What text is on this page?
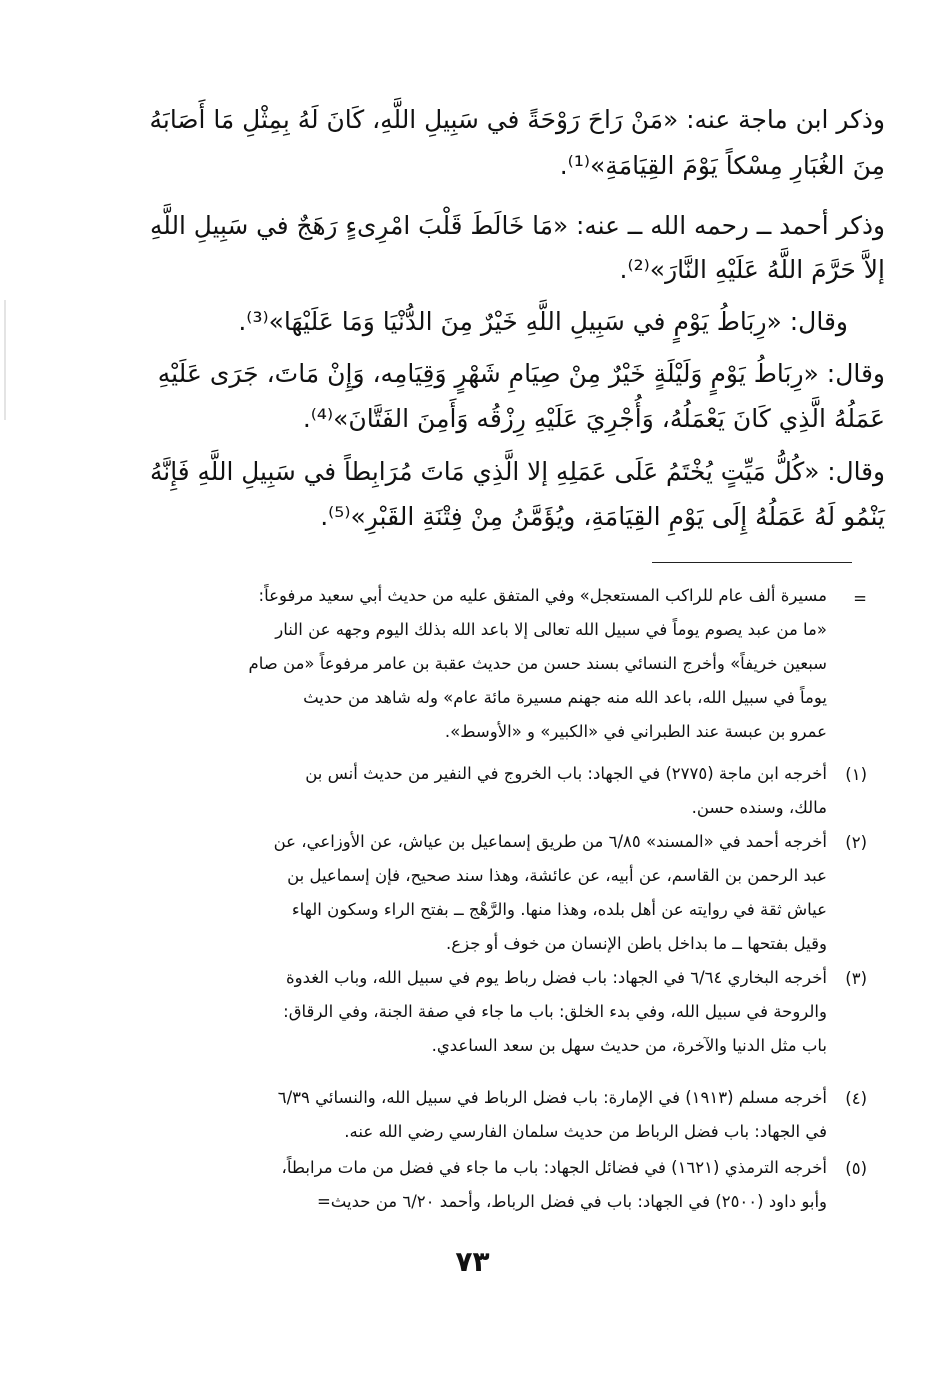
وذكر ابن ماجة عنه: «مَنْ رَاحَ رَوْحَةً في سَبِيلِ اللَّهِ، كَانَ لَهُ بِمِثْلِ مَا أَصَابَهُ
مِنَ الغُبَارِ مِسْكاً يَوْمَ القِيَامَةِ»⁽¹⁾.
وذكر أحمد ــ رحمه الله ــ عنه: «مَا خَالَطَ قَلْبَ امْرِىءٍ رَهَجٌ في سَبِيلِ اللَّهِ
إلاَّ حَرَّمَ اللَّهُ عَلَيْهِ النَّارَ»⁽²⁾.
وقال: «رِبَاطُ يَوْمٍ في سَبِيلِ اللَّهِ خَيْرٌ مِنَ الدُّنْيَا وَمَا عَلَيْهَا»⁽³⁾.
وقال: «رِبَاطُ يَوْمٍ وَلَيْلَةٍ خَيْرٌ مِنْ صِيَامِ شَهْرٍ وَقِيَامِه، وَإِنْ مَاتَ، جَرَى عَلَيْهِ
عَمَلُهُ الَّذِي كَانَ يَعْمَلُهُ، وَأُجْرِيَ عَلَيْهِ رِزْقُه وَأَمِنَ الفَتَّانَ»⁽⁴⁾.
وقال: «كُلُّ مَيِّتٍ يُخْتَمُ عَلَى عَمَلِهِ إلا الَّذِي مَاتَ مُرَابِطاً في سَبِيلِ اللَّهِ فَإِنَّهُ
يَنْمُو لَهُ عَمَلُهُ إِلَى يَوْمِ القِيَامَةِ، ويُؤَمَّنُ مِنْ فِتْنَةِ القَبْرِ»⁽⁵⁾.
=
مسيرة ألف عام للراكب المستعجل» وفي المتفق عليه من حديث أبي سعيد مرفوعاً:
«ما من عبد يصوم يوماً في سبيل الله تعالى إلا باعد الله بذلك اليوم وجهه عن النار
سبعين خريفاً» وأخرج النسائي بسند حسن من حديث عقبة بن عامر مرفوعاً «من صام
يوماً في سبيل الله، باعد الله منه جهنم مسيرة مائة عام» وله شاهد من حديث
عمرو بن عبسة عند الطبراني في «الكبير» و «الأوسط».
(١)
أخرجه ابن ماجة (٢٧٧٥) في الجهاد: باب الخروج في النفير من حديث أنس بن
مالك، وسنده حسن.
(٢)
أخرجه أحمد في «المسند» ٦/٨٥ من طريق إسماعيل بن عياش، عن الأوزاعي، عن
عبد الرحمن بن القاسم، عن أبيه، عن عائشة، وهذا سند صحيح، فإن إسماعيل بن
عياش ثقة في روايته عن أهل بلده، وهذا منها. والرَّهْج ــ بفتح الراء وسكون الهاء
وقيل بفتحها ــ ما بداخل باطن الإنسان من خوف أو جزع.
(٣)
أخرجه البخاري ٦/٦٤ في الجهاد: باب فضل رباط يوم في سبيل الله، وباب الغدوة
والروحة في سبيل الله، وفي بدء الخلق: باب ما جاء في صفة الجنة، وفي الرقاق:
باب مثل الدنيا والآخرة، من حديث سهل بن سعد الساعدي.
(٤)
أخرجه مسلم (١٩١٣) في الإمارة: باب فضل الرباط في سبيل الله، والنسائي ٦/٣٩
في الجهاد: باب فضل الرباط من حديث سلمان الفارسي رضي الله عنه.
(٥)
أخرجه الترمذي (١٦٢١) في فضائل الجهاد: باب ما جاء في فضل من مات مرابطاً،
وأبو داود (٢٥٠٠) في الجهاد: باب في فضل الرباط، وأحمد ٦/٢٠ من حديث=
٧٣
